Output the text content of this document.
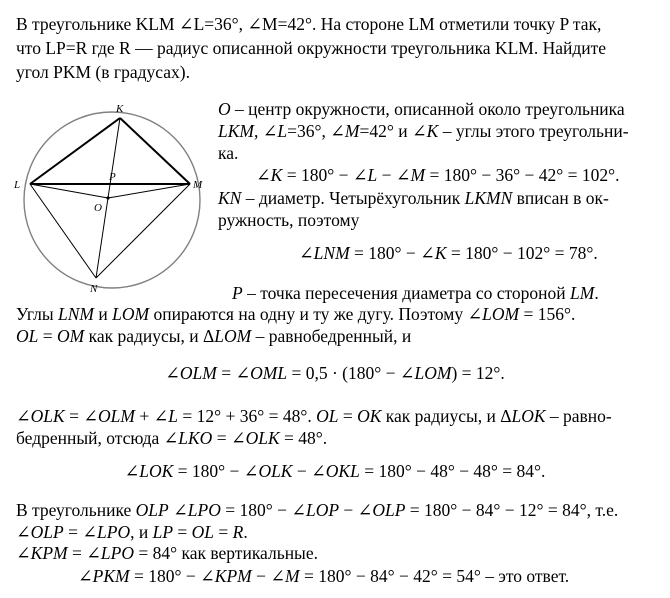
В треугольнике KLM ∠L=36°, ∠M=42°. На стороне LM отметили точку P так,
что LP=R где R — радиус описанной окружности треугольника KLM. Найдите
угол PKM (в градусах).
K
L	M
P
O
N
O – центр окружности, описанной около треугольника
LKM, ∠L=36°, ∠M=42° и ∠K – углы этого треугольни-
ка.
∠K = 180° − ∠L − ∠M = 180° − 36° − 42° = 102°.
KN – диаметр. Четырёхугольник LKMN вписан в ок-
ружность, поэтому
∠LNM = 180° − ∠K = 180° − 102° = 78°.
P – точка пересечения диаметра со стороной LM.
Углы LNM и LOM опираются на одну и ту же дугу. Поэтому ∠LOM = 156°.
OL = OM как радиусы, и ΔLOM – равнобедренный, и
∠OLM = ∠OML = 0,5 · (180° − ∠LOM) = 12°.
∠OLK = ∠OLM + ∠L = 12° + 36° = 48°. OL = OK как радиусы, и ΔLOK – равно-
бедренный, отсюда ∠LKO = ∠OLK = 48°.
∠LOK = 180° − ∠OLK − ∠OKL = 180° − 48° − 48° = 84°.
В треугольнике OLP ∠LPO = 180° − ∠LOP − ∠OLP = 180° − 84° − 12° = 84°, т.е.
∠OLP = ∠LPO, и LP = OL = R.
∠KPM = ∠LPO = 84° как вертикальные.
∠PKM = 180° − ∠KPM − ∠M = 180° − 84° − 42° = 54° – это ответ.
